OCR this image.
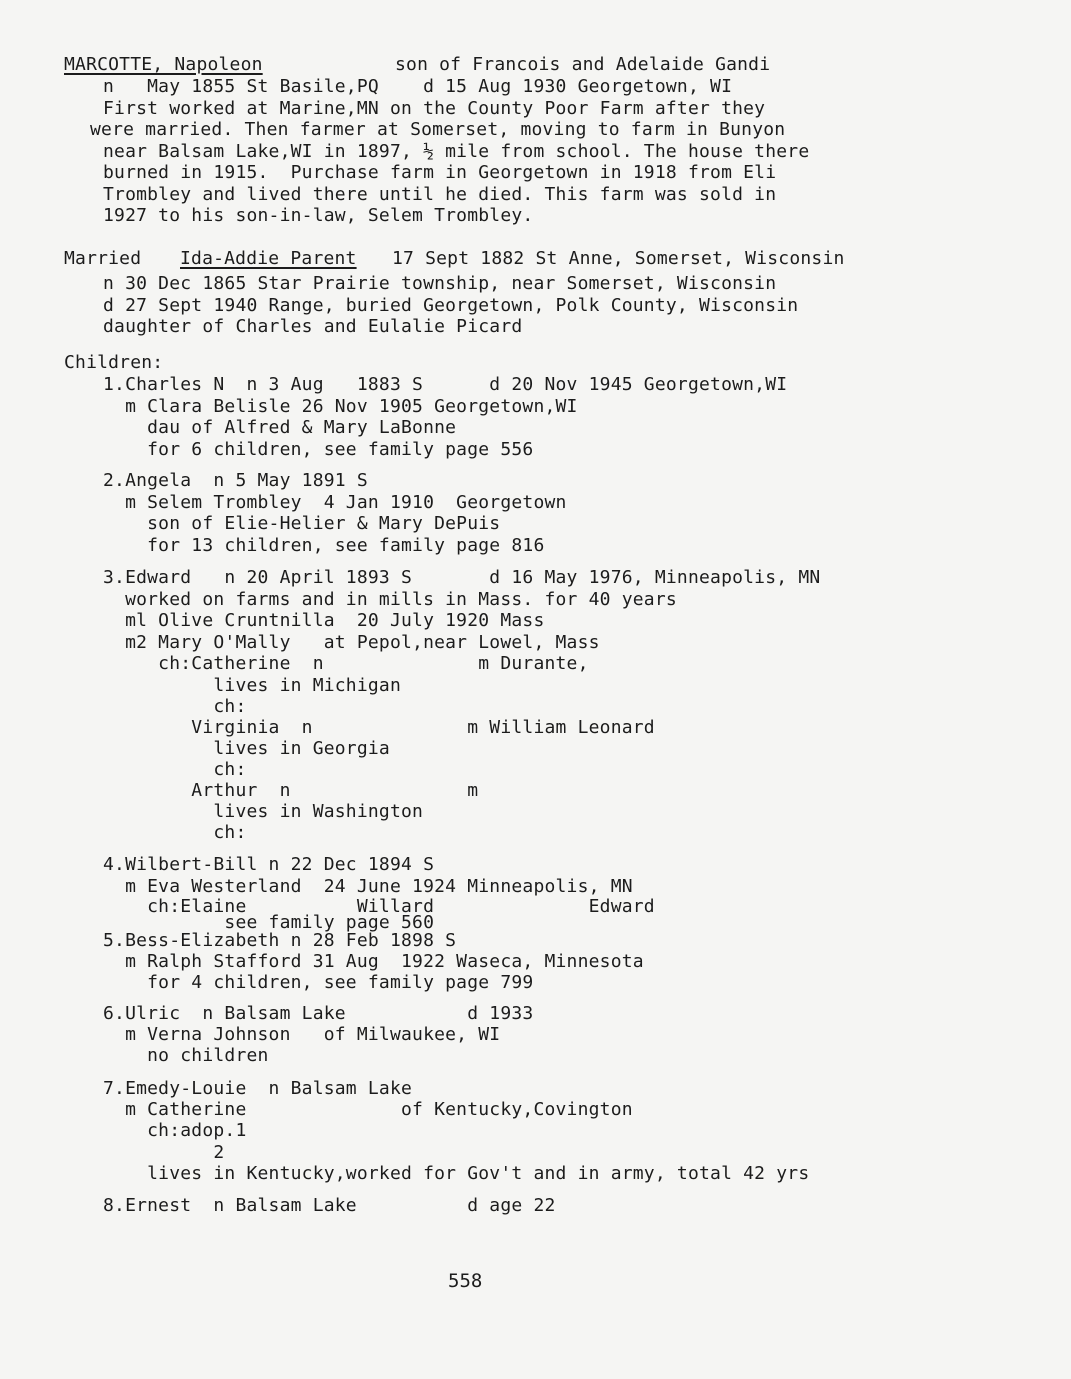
MARCOTTE, Napoleon	son of Francois and Adelaide Gandi
n   May 1855 St Basile,PQ    d 15 Aug 1930 Georgetown, WI
First worked at Marine,MN on the County Poor Farm after they
were married. Then farmer at Somerset, moving to farm in Bunyon
near Balsam Lake,WI in 1897, ½ mile from school. The house there
burned in 1915.  Purchase farm in Georgetown in 1918 from Eli
Trombley and lived there until he died. This farm was sold in
1927 to his son-in-law, Selem Trombley.
Married Ida-Addie Parent 17 Sept 1882 St Anne, Somerset, Wisconsin
n 30 Dec 1865 Star Prairie township, near Somerset, Wisconsin
d 27 Sept 1940 Range, buried Georgetown, Polk County, Wisconsin
daughter of Charles and Eulalie Picard
Children:
1.Charles N  n 3 Aug   1883 S      d 20 Nov 1945 Georgetown,WI
m Clara Belisle 26 Nov 1905 Georgetown,WI
dau of Alfred & Mary LaBonne
for 6 children, see family page 556
2.Angela  n 5 May 1891 S
m Selem Trombley  4 Jan 1910  Georgetown
son of Elie-Helier & Mary DePuis
for 13 children, see family page 816
3.Edward   n 20 April 1893 S       d 16 May 1976, Minneapolis, MN
worked on farms and in mills in Mass. for 40 years
ml Olive Cruntnilla  20 July 1920 Mass
m2 Mary O'Mally   at Pepol,near Lowel, Mass
ch:Catherine  n              m Durante,
lives in Michigan
ch:
Virginia  n              m William Leonard
lives in Georgia
ch:
Arthur  n                m
lives in Washington
ch:
4.Wilbert-Bill n 22 Dec 1894 S
m Eva Westerland  24 June 1924 Minneapolis, MN
ch:Elaine          Willard              Edward
see family page 560
5.Bess-Elizabeth n 28 Feb 1898 S
m Ralph Stafford 31 Aug  1922 Waseca, Minnesota
for 4 children, see family page 799
6.Ulric  n Balsam Lake           d 1933
m Verna Johnson   of Milwaukee, WI
no children
7.Emedy-Louie  n Balsam Lake
m Catherine              of Kentucky,Covington
ch:adop.1
2
lives in Kentucky,worked for Gov't and in army, total 42 yrs
8.Ernest  n Balsam Lake          d age 22
558
